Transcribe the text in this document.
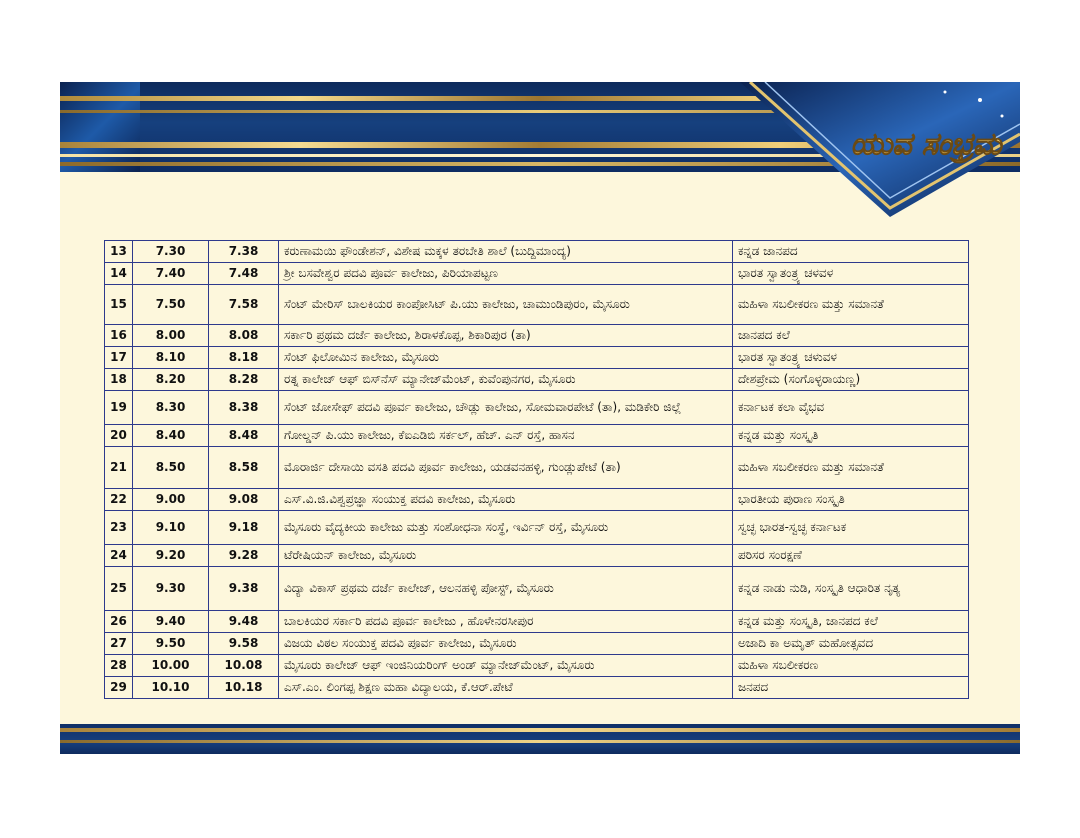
ಯುವ ಸಂಭ್ರಮ
13	7.30	7.38	ಕರುಣಾಮಯಿ ಫೌಂಡೇಶನ್, ವಿಶೇಷ ಮಕ್ಕಳ ತರಬೇತಿ ಶಾಲೆ (ಬುದ್ದಿಮಾಂದ್ಯ)	ಕನ್ನಡ ಜಾನಪದ
14	7.40	7.48	ಶ್ರೀ ಬಸವೇಶ್ವರ ಪದವಿ ಪೂರ್ವ ಕಾಲೇಜು, ಪಿರಿಯಾಪಟ್ಟಣ	ಭಾರತ ಸ್ವಾತಂತ್ರ್ಯ ಚಳವಳ
15	7.50	7.58	ಸೆಂಟ್ ಮೇರಿಸ್ ಬಾಲಕಿಯರ ಕಾಂಪೋಸಿಟ್ ಪಿ.ಯು ಕಾಲೇಜು, ಚಾಮುಂಡಿಪುರಂ, ಮೈಸೂರು	ಮಹಿಳಾ ಸಬಲೀಕರಣ ಮತ್ತು ಸಮಾನತೆ
16	8.00	8.08	ಸರ್ಕಾರಿ ಪ್ರಥಮ ದರ್ಜೆ ಕಾಲೇಜು, ಶಿರಾಳಕೊಪ್ಪ, ಶಿಕಾರಿಪುರ (ತಾ)	ಜಾನಪದ ಕಲೆ
17	8.10	8.18	ಸೆಂಟ್ ಫಿಲೋಮಿನ ಕಾಲೇಜು, ಮೈಸೂರು	ಭಾರತ ಸ್ವಾತಂತ್ರ್ಯ ಚಳುವಳ
18	8.20	8.28	ರತ್ನ ಕಾಲೇಜ್ ಆಫ್ ಬಿಸ್‌ನೆಸ್ ಮ್ಯಾನೇಜ್‌ಮೆಂಟ್, ಕುವೆಂಪುನಗರ, ಮೈಸೂರು	ದೇಶಪ್ರೇಮ (ಸಂಗೊಳ್ಳರಾಯಣ್ಣ)
19	8.30	8.38	ಸೆಂಟ್ ಜೋಸೇಫ್ ಪದವಿ ಪೂರ್ವ ಕಾಲೇಜು, ಚೌಡ್ಲು ಕಾಲೇಜು, ಸೋಮವಾರಪೇಟೆ (ತಾ), ಮಡಿಕೇರಿ ಜಿಲ್ಲೆ	ಕರ್ನಾಟಕ ಕಲಾ ವೈಭವ
20	8.40	8.48	ಗೋಲ್ಡನ್ ಪಿ.ಯು ಕಾಲೇಜು, ಕೆಐಎಡಿಬಿ ಸರ್ಕಲ್, ಹೆಚ್. ಎನ್ ರಸ್ತೆ, ಹಾಸನ	ಕನ್ನಡ ಮತ್ತು ಸಂಸ್ಕೃತಿ
21	8.50	8.58	ಮೊರಾರ್ಜಿ ದೇಸಾಯಿ ವಸತಿ ಪದವಿ ಪೂರ್ವ ಕಾಲೇಜು, ಯಡವನಹಳ್ಳಿ, ಗುಂಡ್ಲುಪೇಟೆ (ತಾ)	ಮಹಿಳಾ ಸಬಲೀಕರಣ ಮತ್ತು ಸಮಾನತೆ
22	9.00	9.08	ಎಸ್.ವಿ.ಜಿ.ವಿಶ್ವಪ್ರಜ್ಞಾ ಸಂಯುಕ್ತ ಪದವಿ ಕಾಲೇಜು, ಮೈಸೂರು	ಭಾರತೀಯ ಪುರಾಣ ಸಂಸ್ಕೃತಿ
23	9.10	9.18	ಮೈಸೂರು ವೈದ್ಯಕೀಯ ಕಾಲೇಜು ಮತ್ತು ಸಂಶೋಧನಾ ಸಂಸ್ಥೆ, ಇರ್ವಿನ್ ರಸ್ತೆ, ಮೈಸೂರು	ಸ್ವಚ್ಛ ಭಾರತ-ಸ್ವಚ್ಛ ಕರ್ನಾಟಕ
24	9.20	9.28	ಟೆರೇಷಿಯನ್ ಕಾಲೇಜು, ಮೈಸೂರು	ಪರಿಸರ ಸಂರಕ್ಷಣೆ
25	9.30	9.38	ವಿದ್ಯಾ ವಿಕಾಸ್ ಪ್ರಥಮ ದರ್ಜೆ ಕಾಲೇಜ್, ಆಲನಹಳ್ಳಿ ಪೋಸ್ಟ್, ಮೈಸೂರು	ಕನ್ನಡ ನಾಡು ನುಡಿ, ಸಂಸ್ಕೃತಿ ಆಧಾರಿತ ನೃತ್ಯ
26	9.40	9.48	ಬಾಲಕಿಯರ ಸರ್ಕಾರಿ ಪದವಿ ಪೂರ್ವ ಕಾಲೇಜು , ಹೊಳೇನರಸೀಪುರ	ಕನ್ನಡ ಮತ್ತು ಸಂಸ್ಕೃತಿ, ಜಾನಪದ ಕಲೆ
27	9.50	9.58	ವಿಜಯ ವಿಠಲ ಸಂಯುಕ್ತ ಪದವಿ ಪೂರ್ವ ಕಾಲೇಜು, ಮೈಸೂರು	ಅಜಾದಿ ಕಾ ಅಮೃತ್ ಮಹೋತ್ಸವದ
28	10.00	10.08	ಮೈಸೂರು ಕಾಲೇಜ್ ಆಫ್ ಇಂಜಿನಿಯರಿಂಗ್ ಅಂಡ್ ಮ್ಯಾನೇಜ್‌ಮೆಂಟ್, ಮೈಸೂರು	ಮಹಿಳಾ ಸಬಲೀಕರಣ
29	10.10	10.18	ಎಸ್.ಎಂ. ಲಿಂಗಪ್ಪ ಶಿಕ್ಷಣ ಮಹಾ ವಿದ್ಯಾಲಯ, ಕೆ.ಆರ್.ಪೇಟೆ	ಜನಪದ
